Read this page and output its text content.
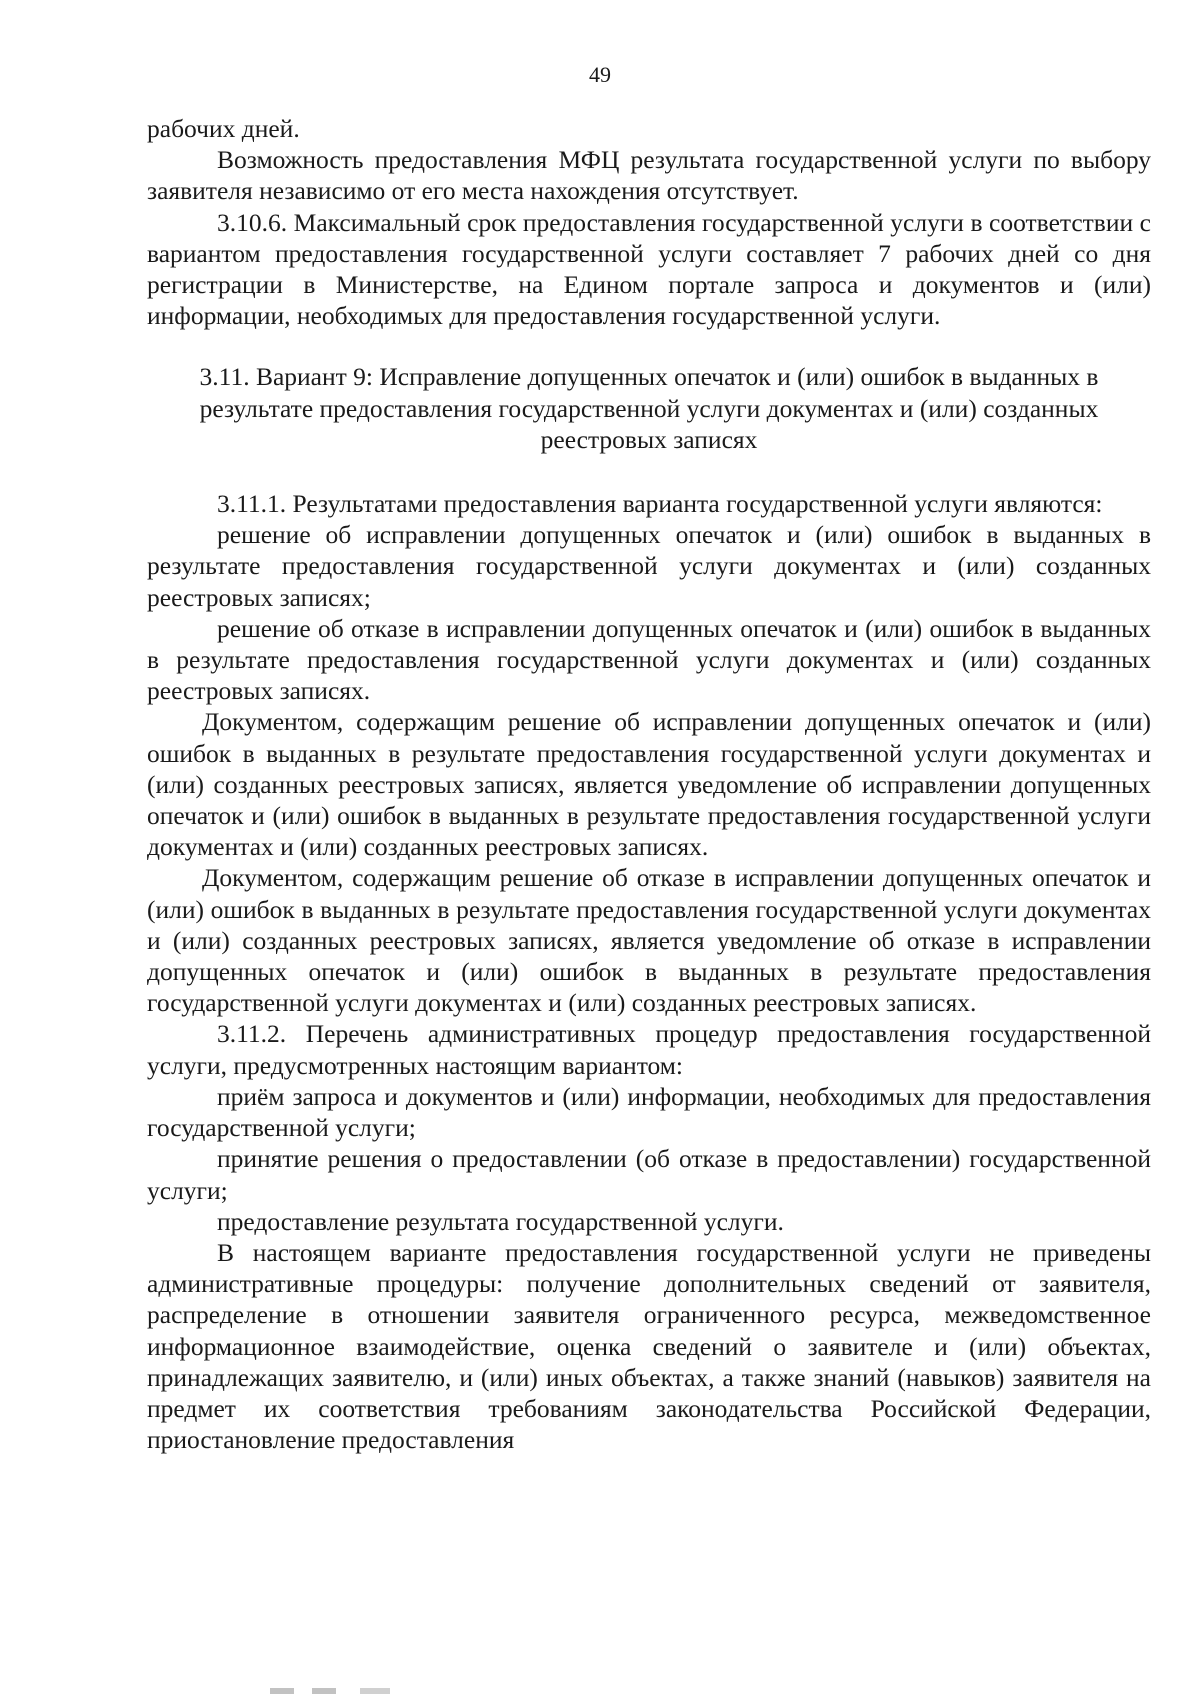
49

рабочих дней.

Возможность предоставления МФЦ результата государственной услуги по выбору заявителя независимо от его места нахождения отсутствует.

3.10.6. Максимальный срок предоставления государственной услуги в соответствии с вариантом предоставления государственной услуги составляет 7 рабочих дней со дня регистрации в Министерстве, на Едином портале запроса и документов и (или) информации, необходимых для предоставления государственной услуги.

3.11. Вариант 9: Исправление допущенных опечаток и (или) ошибок в выданных в результате предоставления государственной услуги документах и (или) созданных реестровых записях

3.11.1. Результатами предоставления варианта государственной услуги являются:

решение об исправлении допущенных опечаток и (или) ошибок в выданных в результате предоставления государственной услуги документах и (или) созданных реестровых записях;

решение об отказе в исправлении допущенных опечаток и (или) ошибок в выданных в результате предоставления государственной услуги документах и (или) созданных реестровых записях.

Документом, содержащим решение об исправлении допущенных опечаток и (или) ошибок в выданных в результате предоставления государственной услуги документах и (или) созданных реестровых записях, является уведомление об исправлении допущенных опечаток и (или) ошибок в выданных в результате предоставления государственной услуги документах и (или) созданных реестровых записях.

Документом, содержащим решение об отказе в исправлении допущенных опечаток и (или) ошибок в выданных в результате предоставления государственной услуги документах и (или) созданных реестровых записях, является уведомление об отказе в исправлении допущенных опечаток и (или) ошибок в выданных в результате предоставления государственной услуги документах и (или) созданных реестровых записях.

3.11.2. Перечень административных процедур предоставления государственной услуги, предусмотренных настоящим вариантом:

приём запроса и документов и (или) информации, необходимых для предоставления государственной услуги;

принятие решения о предоставлении (об отказе в предоставлении) государственной услуги;

предоставление результата государственной услуги.

В настоящем варианте предоставления государственной услуги не приведены административные процедуры: получение дополнительных сведений от заявителя, распределение в отношении заявителя ограниченного ресурса, межведомственное информационное взаимодействие, оценка сведений о заявителе и (или) объектах, принадлежащих заявителю, и (или) иных объектах, а также знаний (навыков) заявителя на предмет их соответствия требованиям законодательства Российской Федерации, приостановление предоставления
